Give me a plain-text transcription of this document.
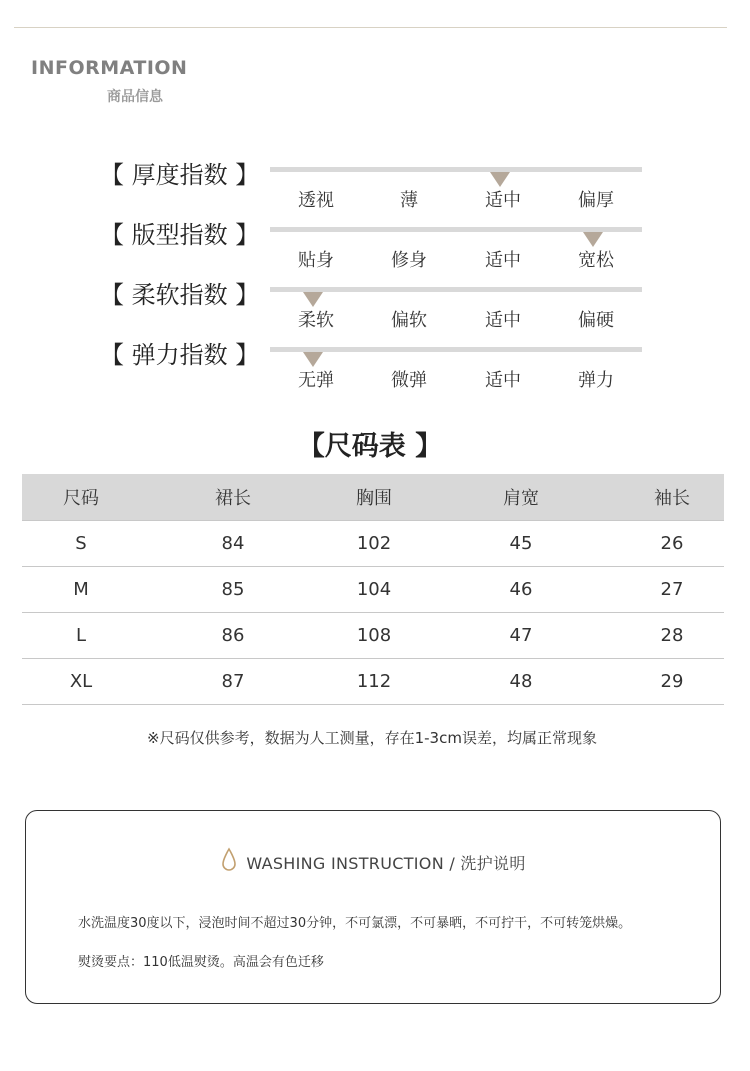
INFORMATION
商品信息
【 厚度指数 】
透视	薄	适中	偏厚
【 版型指数 】
贴身	修身	适中	宽松
【 柔软指数 】
柔软	偏软	适中	偏硬
【 弹力指数 】
无弹	微弹	适中	弹力
【尺码表 】
尺码	裙长	胸围	肩宽	袖长
S	84	102	45	26
M	85	104	46	27
L	86	108	47	28
XL	87	112	48	29
※尺码仅供参考，数据为人工测量，存在1-3cm误差，均属正常现象
WASHING INSTRUCTION / 洗护说明
水洗温度30度以下，浸泡时间不超过30分钟，不可氯漂，不可暴晒，不可拧干，不可转笼烘燥。
熨烫要点：110低温熨烫。高温会有色迁移
